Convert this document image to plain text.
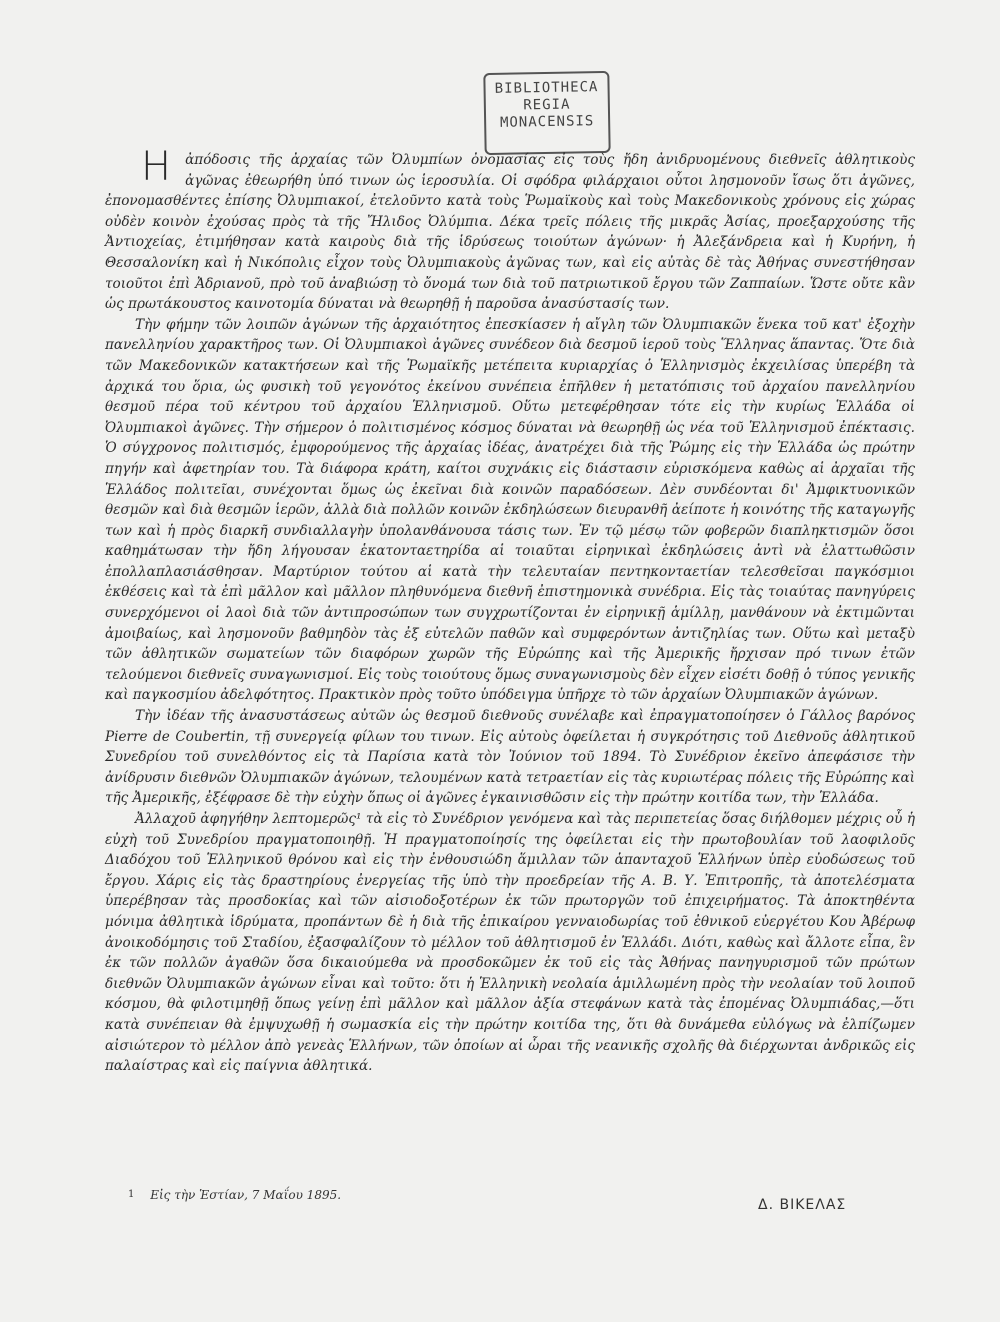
BIBLIOTHECA
REGIA
MONACENSIS
Η	ἀπόδοσις τῆς ἀρχαίας τῶν Ὀλυμπίων ὀνομασίας εἰς τοὺς ἤδη ἀνιδρυομένους διεθνεῖς ἀθλητικοὺς ἀγῶνας ἐθεωρήθη ὑπό τινων ὡς ἱεροσυλία. Οἱ σφόδρα φιλάρχαιοι οὗτοι λησμονοῦν ἴσως ὅτι ἀγῶνες, ἐπονομασθέντες ἐπίσης Ὀλυμπιακοί, ἐτελοῦντο κατὰ τοὺς Ῥωμαϊκοὺς καὶ τοὺς Μακεδονικοὺς χρόνους εἰς χώρας οὐδὲν κοινὸν ἐχούσας πρὸς τὰ τῆς Ἤλιδος Ὀλύμπια. Δέκα τρεῖς πόλεις τῆς μικρᾶς Ἀσίας, προεξαρχούσης τῆς Ἀντιοχείας, ἐτιμήθησαν κατὰ καιροὺς διὰ τῆς ἱδρύσεως τοιούτων ἀγώνων· ἡ Ἀλεξάνδρεια καὶ ἡ Κυρήνη, ἡ Θεσσαλονίκη καὶ ἡ Νικόπολις εἶχον τοὺς Ὀλυμπιακοὺς ἀγῶνας των, καὶ εἰς αὐτὰς δὲ τὰς Ἀθήνας συνεστήθησαν τοιοῦτοι ἐπὶ Ἀδριανοῦ, πρὸ τοῦ ἀναβιώσῃ τὸ ὄνομά των διὰ τοῦ πατριωτικοῦ ἔργου τῶν Ζαππαίων. Ὥστε οὔτε κἂν ὡς πρωτάκουστος καινοτομία δύναται νὰ θεωρηθῇ ἡ παροῦσα ἀνασύστασίς των.

Τὴν φήμην τῶν λοιπῶν ἀγώνων τῆς ἀρχαιότητος ἐπεσκίασεν ἡ αἴγλη τῶν Ὀλυμπιακῶν ἕνεκα τοῦ κατ' ἐξοχὴν πανελληνίου χαρακτῆρος των. Οἱ Ὀλυμπιακοὶ ἀγῶνες συνέδεον διὰ δεσμοῦ ἱεροῦ τοὺς Ἕλληνας ἅπαντας. Ὅτε διὰ τῶν Μακεδονικῶν κατακτήσεων καὶ τῆς Ῥωμαϊκῆς μετέπειτα κυριαρχίας ὁ Ἑλληνισμὸς ἐκχειλίσας ὑπερέβη τὰ ἀρχικά του ὅρια, ὡς φυσικὴ τοῦ γεγονότος ἐκείνου συνέπεια ἐπῆλθεν ἡ μετατόπισις τοῦ ἀρχαίου πανελληνίου θεσμοῦ πέρα τοῦ κέντρου τοῦ ἀρχαίου Ἑλληνισμοῦ. Οὕτω μετεφέρθησαν τότε εἰς τὴν κυρίως Ἑλλάδα οἱ Ὀλυμπιακοὶ ἀγῶνες. Τὴν σήμερον ὁ πολιτισμένος κόσμος δύναται νὰ θεωρηθῇ ὡς νέα τοῦ Ἑλληνισμοῦ ἐπέκτασις. Ὁ σύγχρονος πολιτισμός, ἐμφορούμενος τῆς ἀρχαίας ἰδέας, ἀνατρέχει διὰ τῆς Ῥώμης εἰς τὴν Ἑλλάδα ὡς πρώτην πηγήν καὶ ἀφετηρίαν του. Τὰ διάφορα κράτη, καίτοι συχνάκις εἰς διάστασιν εὑρισκόμενα καθὼς αἱ ἀρχαῖαι τῆς Ἑλλάδος πολιτεῖαι, συνέχονται ὅμως ὡς ἐκεῖναι διὰ κοινῶν παραδόσεων. Δὲν συνδέονται δι' Ἀμφικτυονικῶν θεσμῶν καὶ διὰ θεσμῶν ἱερῶν, ἀλλὰ διὰ πολλῶν κοινῶν ἐκδηλώσεων διευρανθῆ ἀείποτε ἡ κοινότης τῆς καταγωγῆς των καὶ ἡ πρὸς διαρκῆ συνδιαλλαγὴν ὑπολανθάνουσα τάσις των. Ἐν τῷ μέσῳ τῶν φοβερῶν διαπληκτισμῶν ὅσοι καθημάτωσαν τὴν ἤδη λήγουσαν ἑκατονταετηρίδα αἱ τοιαῦται εἰρηνικαὶ ἐκδηλώσεις ἀντὶ νὰ ἐλαττωθῶσιν ἐπολλαπλασιάσθησαν. Μαρτύριον τούτου αἱ κατὰ τὴν τελευταίαν πεντηκονταετίαν τελεσθεῖσαι παγκόσμιοι ἐκθέσεις καὶ τὰ ἐπὶ μᾶλλον καὶ μᾶλλον πληθυνόμενα διεθνῆ ἐπιστημονικὰ συνέδρια. Εἰς τὰς τοιαύτας πανηγύρεις συνερχόμενοι οἱ λαοὶ διὰ τῶν ἀντιπροσώπων των συγχρωτίζονται ἐν εἰρηνικῇ ἁμίλλῃ, μανθάνουν νὰ ἐκτιμῶνται ἀμοιβαίως, καὶ λησμονοῦν βαθμηδὸν τὰς ἐξ εὐτελῶν παθῶν καὶ συμφερόντων ἀντιζηλίας των. Οὕτω καὶ μεταξὺ τῶν ἀθλητικῶν σωματείων τῶν διαφόρων χωρῶν τῆς Εὐρώπης καὶ τῆς Ἀμερικῆς ἤρχισαν πρό τινων ἐτῶν τελούμενοι διεθνεῖς συναγωνισμοί. Εἰς τοὺς τοιούτους ὅμως συναγωνισμοὺς δὲν εἶχεν εἰσέτι δοθῇ ὁ τύπος γενικῆς καὶ παγκοσμίου ἀδελφότητος. Πρακτικὸν πρὸς τοῦτο ὑπόδειγμα ὑπῆρχε τὸ τῶν ἀρχαίων Ὀλυμπιακῶν ἀγώνων.

Τὴν ἰδέαν τῆς ἀνασυστάσεως αὐτῶν ὡς θεσμοῦ διεθνοῦς συνέλαβε καὶ ἐπραγματοποίησεν ὁ Γάλλος βαρόνος Pierre de Coubertin, τῇ συνεργείᾳ φίλων του τινων. Εἰς αὐτοὺς ὀφείλεται ἡ συγκρότησις τοῦ Διεθνοῦς ἀθλητικοῦ Συνεδρίου τοῦ συνελθόντος εἰς τὰ Παρίσια κατὰ τὸν Ἰούνιον τοῦ 1894. Τὸ Συνέδριον ἐκεῖνο ἀπεφάσισε τὴν ἀνίδρυσιν διεθνῶν Ὀλυμπιακῶν ἀγώνων, τελουμένων κατὰ τετραετίαν εἰς τὰς κυριωτέρας πόλεις τῆς Εὐρώπης καὶ τῆς Ἀμερικῆς, ἐξέφρασε δὲ τὴν εὐχὴν ὅπως οἱ ἀγῶνες ἐγκαινισθῶσιν εἰς τὴν πρώτην κοιτίδα των, τὴν Ἑλλάδα.

Ἀλλαχοῦ ἀφηγήθην λεπτομερῶς¹ τὰ εἰς τὸ Συνέδριον γενόμενα καὶ τὰς περιπετείας ὅσας διήλθομεν μέχρις οὗ ἡ εὐχὴ τοῦ Συνεδρίου πραγματοποιηθῇ. Ἡ πραγματοποίησίς της ὀφείλεται εἰς τὴν πρωτοβουλίαν τοῦ λαοφιλοῦς Διαδόχου τοῦ Ἑλληνικοῦ θρόνου καὶ εἰς τὴν ἐνθουσιώδη ἅμιλλαν τῶν ἁπανταχοῦ Ἑλλήνων ὑπὲρ εὐοδώσεως τοῦ ἔργου. Χάρις εἰς τὰς δραστηρίους ἐνεργείας τῆς ὑπὸ τὴν προεδρείαν τῆς Α. Β. Υ. Ἐπιτροπῆς, τὰ ἀποτελέσματα ὑπερέβησαν τὰς προσδοκίας καὶ τῶν αἰσιοδοξοτέρων ἐκ τῶν πρωτοργῶν τοῦ ἐπιχειρήματος. Τὰ ἀποκτηθέντα μόνιμα ἀθλητικὰ ἱδρύματα, προπάντων δὲ ἡ διὰ τῆς ἐπικαίρου γενναιοδωρίας τοῦ ἐθνικοῦ εὐεργέτου Κου Ἀβέρωφ ἀνοικοδόμησις τοῦ Σταδίου, ἐξασφαλίζουν τὸ μέλλον τοῦ ἀθλητισμοῦ ἐν Ἑλλάδι. Διότι, καθὼς καὶ ἄλλοτε εἶπα, ἓν ἐκ τῶν πολλῶν ἀγαθῶν ὅσα δικαιούμεθα νὰ προσδοκῶμεν ἐκ τοῦ εἰς τὰς Ἀθήνας πανηγυρισμοῦ τῶν πρώτων διεθνῶν Ὀλυμπιακῶν ἀγώνων εἶναι καὶ τοῦτο: ὅτι ἡ Ἑλληνικὴ νεολαία ἁμιλλωμένη πρὸς τὴν νεολαίαν τοῦ λοιποῦ κόσμου, θὰ φιλοτιμηθῇ ὅπως γείνῃ ἐπὶ μᾶλλον καὶ μᾶλλον ἀξία στεφάνων κατὰ τὰς ἐπομένας Ὀλυμπιάδας,—ὅτι κατὰ συνέπειαν θὰ ἐμψυχωθῇ ἡ σωμασκία εἰς τὴν πρώτην κοιτίδα της, ὅτι θὰ δυνάμεθα εὐλόγως νὰ ἐλπίζωμεν αἰσιώτερον τὸ μέλλον ἀπὸ γενεὰς Ἑλλήνων, τῶν ὁποίων αἱ ὧραι τῆς νεανικῆς σχολῆς θὰ διέρχωνται ἀνδρικῶς εἰς παλαίστρας καὶ εἰς παίγνια ἀθλητικά.

1 Εἰς τὴν Ἑστίαν, 7 Μαΐου 1895.
Δ. ΒΙΚΕΛΑΣ
